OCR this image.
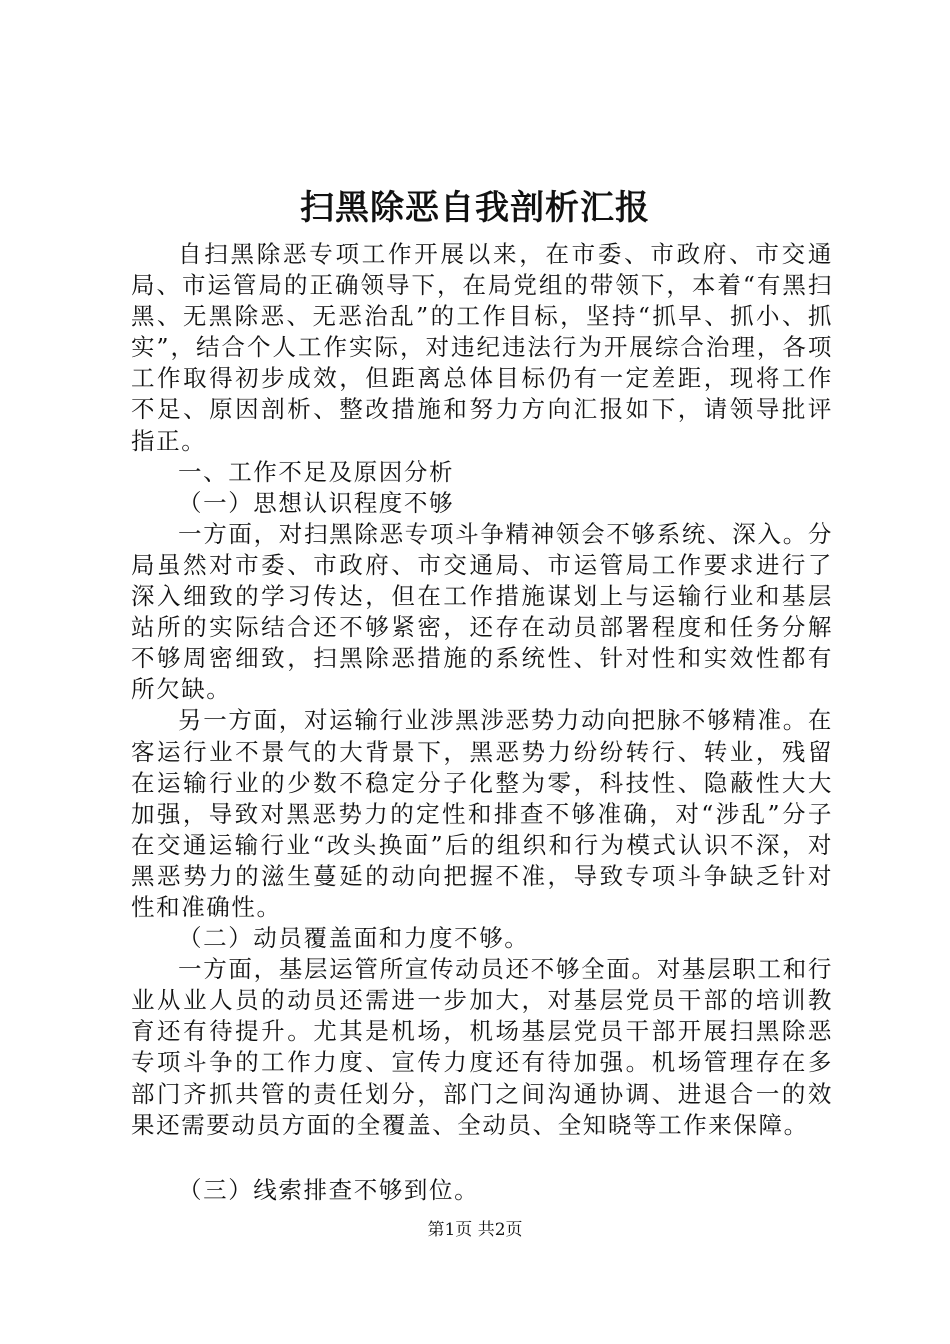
扫黑除恶自我剖析汇报

自扫黑除恶专项工作开展以来，在市委、市政府、市交通局、市运管局的正确领导下，在局党组的带领下，本着“有黑扫黑、无黑除恶、无恶治乱”的工作目标，坚持“抓早、抓小、抓实”，结合个人工作实际，对违纪违法行为开展综合治理，各项工作取得初步成效，但距离总体目标仍有一定差距，现将工作不足、原因剖析、整改措施和努力方向汇报如下，请领导批评指正。

一、工作不足及原因分析

（一）思想认识程度不够

一方面，对扫黑除恶专项斗争精神领会不够系统、深入。分局虽然对市委、市政府、市交通局、市运管局工作要求进行了深入细致的学习传达，但在工作措施谋划上与运输行业和基层站所的实际结合还不够紧密，还存在动员部署程度和任务分解不够周密细致，扫黑除恶措施的系统性、针对性和实效性都有所欠缺。

另一方面，对运输行业涉黑涉恶势力动向把脉不够精准。在客运行业不景气的大背景下，黑恶势力纷纷转行、转业，残留在运输行业的少数不稳定分子化整为零，科技性、隐蔽性大大加强，导致对黑恶势力的定性和排查不够准确，对“涉乱”分子在交通运输行业“改头换面”后的组织和行为模式认识不深，对黑恶势力的滋生蔓延的动向把握不准，导致专项斗争缺乏针对性和准确性。

（二）动员覆盖面和力度不够。

一方面，基层运管所宣传动员还不够全面。对基层职工和行业从业人员的动员还需进一步加大，对基层党员干部的培训教育还有待提升。尤其是机场，机场基层党员干部开展扫黑除恶专项斗争的工作力度、宣传力度还有待加强。机场管理存在多部门齐抓共管的责任划分，部门之间沟通协调、进退合一的效果还需要动员方面的全覆盖、全动员、全知晓等工作来保障。

（三）线索排查不够到位。

第1页 共2页
